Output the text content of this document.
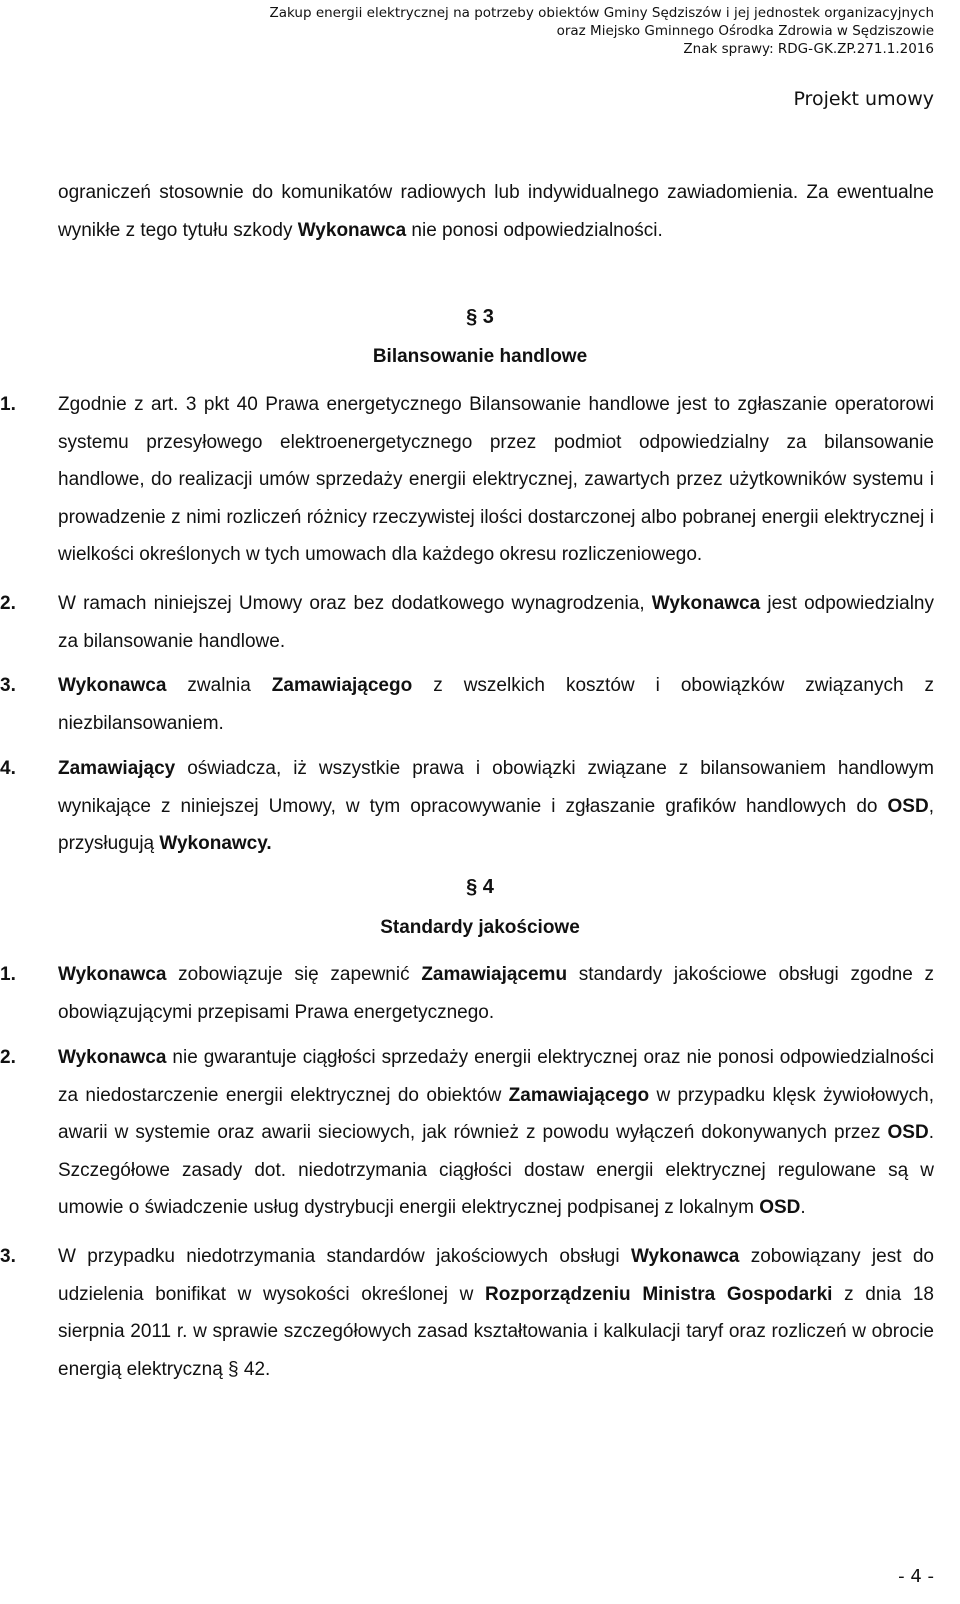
Zakup energii elektrycznej na potrzeby obiektów Gminy Sędziszów i jej jednostek organizacyjnych
oraz Miejsko Gminnego Ośrodka Zdrowia w Sędziszowie
Znak sprawy: RDG-GK.ZP.271.1.2016
Projekt umowy
ograniczeń stosownie do komunikatów radiowych lub indywidualnego zawiadomienia. Za ewentualne wynikłe z tego tytułu szkody Wykonawca nie ponosi odpowiedzialności.
§ 3
Bilansowanie handlowe
1. Zgodnie z art. 3 pkt 40 Prawa energetycznego Bilansowanie handlowe jest to zgłaszanie operatorowi systemu przesyłowego elektroenergetycznego przez podmiot odpowiedzialny za bilansowanie handlowe, do realizacji umów sprzedaży energii elektrycznej, zawartych przez użytkowników systemu i prowadzenie z nimi rozliczeń różnicy rzeczywistej ilości dostarczonej albo pobranej energii elektrycznej i wielkości określonych w tych umowach dla każdego okresu rozliczeniowego.
2. W ramach niniejszej Umowy oraz bez dodatkowego wynagrodzenia, Wykonawca jest odpowiedzialny za bilansowanie handlowe.
3. Wykonawca zwalnia Zamawiającego z wszelkich kosztów i obowiązków związanych z niezbilansowaniem.
4. Zamawiający oświadcza, iż wszystkie prawa i obowiązki związane z bilansowaniem handlowym wynikające z niniejszej Umowy, w tym opracowywanie i zgłaszanie grafików handlowych do OSD, przysługują Wykonawcy.
§ 4
Standardy jakościowe
1. Wykonawca zobowiązuje się zapewnić Zamawiającemu standardy jakościowe obsługi zgodne z obowiązującymi przepisami Prawa energetycznego.
2. Wykonawca nie gwarantuje ciągłości sprzedaży energii elektrycznej oraz nie ponosi odpowiedzialności za niedostarczenie energii elektrycznej do obiektów Zamawiającego w przypadku klęsk żywiołowych, awarii w systemie oraz awarii sieciowych, jak również z powodu wyłączeń dokonywanych przez OSD. Szczegółowe zasady dot. niedotrzymania ciągłości dostaw energii elektrycznej regulowane są w umowie o świadczenie usług dystrybucji energii elektrycznej podpisanej z lokalnym OSD.
3. W przypadku niedotrzymania standardów jakościowych obsługi Wykonawca zobowiązany jest do udzielenia bonifikat w wysokości określonej w Rozporządzeniu Ministra Gospodarki z dnia 18 sierpnia 2011 r. w sprawie szczegółowych zasad kształtowania i kalkulacji taryf oraz rozliczeń w obrocie energią elektryczną § 42.
- 4 -
